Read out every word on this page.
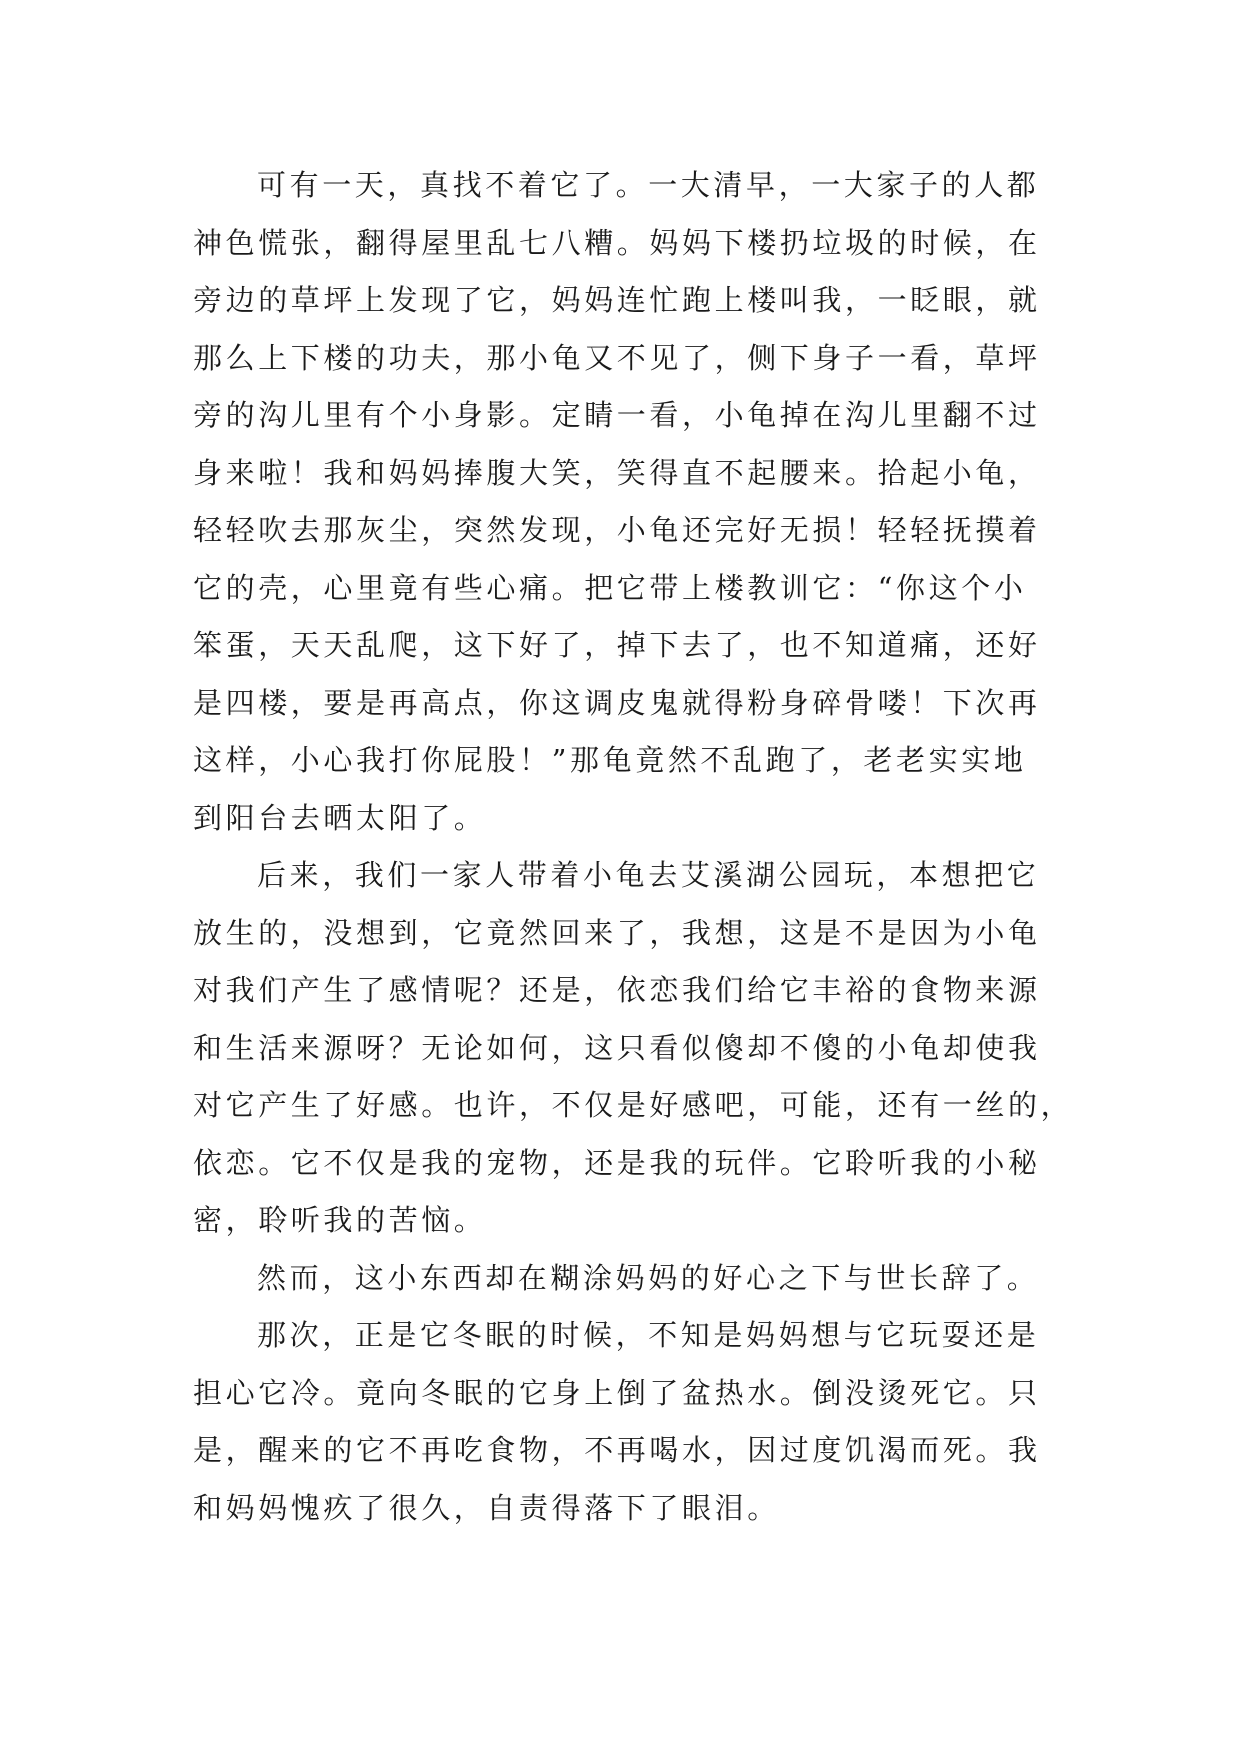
可有一天，真找不着它了。一大清早，一大家子的人都
神色慌张，翻得屋里乱七八糟。妈妈下楼扔垃圾的时候，在
旁边的草坪上发现了它，妈妈连忙跑上楼叫我，一眨眼，就
那么上下楼的功夫，那小龟又不见了，侧下身子一看，草坪
旁的沟儿里有个小身影。定睛一看，小龟掉在沟儿里翻不过
身来啦！我和妈妈捧腹大笑，笑得直不起腰来。拾起小龟，
轻轻吹去那灰尘，突然发现，小龟还完好无损！轻轻抚摸着
它的壳，心里竟有些心痛。把它带上楼教训它：“你这个小
笨蛋，天天乱爬，这下好了，掉下去了，也不知道痛，还好
是四楼，要是再高点，你这调皮鬼就得粉身碎骨喽！下次再
这样，小心我打你屁股！”那龟竟然不乱跑了，老老实实地
到阳台去晒太阳了。
后来，我们一家人带着小龟去艾溪湖公园玩，本想把它
放生的，没想到，它竟然回来了，我想，这是不是因为小龟
对我们产生了感情呢？还是，依恋我们给它丰裕的食物来源
和生活来源呀？无论如何，这只看似傻却不傻的小龟却使我
对它产生了好感。也许，不仅是好感吧，可能，还有一丝的，
依恋。它不仅是我的宠物，还是我的玩伴。它聆听我的小秘
密，聆听我的苦恼。
然而，这小东西却在糊涂妈妈的好心之下与世长辞了。
那次，正是它冬眠的时候，不知是妈妈想与它玩耍还是
担心它冷。竟向冬眠的它身上倒了盆热水。倒没烫死它。只
是，醒来的它不再吃食物，不再喝水，因过度饥渴而死。我
和妈妈愧疚了很久，自责得落下了眼泪。
